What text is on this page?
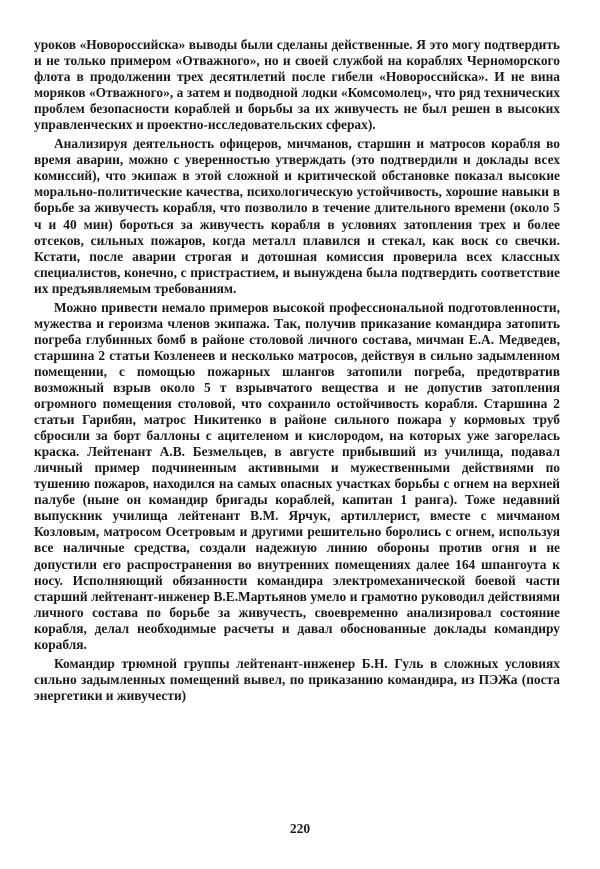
уроков «Новороссийска» выводы были сделаны действенные. Я это могу подтвердить и не только примером «Отважного», но и своей службой на кораблях Черноморского флота в продолжении трех десятилетий после гибели «Новороссийска». И не вина моряков «Отважного», а затем и подводной лодки «Комсомолец», что ряд технических проблем безопасности кораблей и борьбы за их живучесть не был решен в высоких управленческих и проектно-исследовательских сферах).

Анализируя деятельность офицеров, мичманов, старшин и матросов корабля во время аварии, можно с уверенностью утверждать (это подтвердили и доклады всех комиссий), что экипаж в этой сложной и критической обстановке показал высокие морально-политические качества, психологическую устойчивость, хорошие навыки в борьбе за живучесть корабля, что позволило в течение длительного времени (около 5 ч и 40 мин) бороться за живучесть корабля в условиях затопления трех и более отсеков, сильных пожаров, когда металл плавился и стекал, как воск со свечки. Кстати, после аварии строгая и дотошная комиссия проверила всех классных специалистов, конечно, с пристрастием, и вынуждена была подтвердить соответствие их предъявляемым требованиям.

Можно привести немало примеров высокой профессиональной подготовленности, мужества и героизма членов экипажа. Так, получив приказание командира затопить погреба глубинных бомб в районе столовой личного состава, мичман Е.А. Медведев, старшина 2 статьи Козленеев и несколько матросов, действуя в сильно задымленном помещении, с помощью пожарных шлангов затопили погреба, предотвратив возможный взрыв около 5 т взрывчатого вещества и не допустив затопления огромного помещения столовой, что сохранило остойчивость корабля. Старшина 2 статьи Гарибян, матрос Никитенко в районе сильного пожара у кормовых труб сбросили за борт баллоны с ацителеном и кислородом, на которых уже загорелась краска. Лейтенант А.В. Безмельцев, в августе прибывший из училища, подавал личный пример подчиненным активными и мужественными действиями по тушению пожаров, находился на самых опасных участках борьбы с огнем на верхней палубе (ныне он командир бригады кораблей, капитан 1 ранга). Тоже недавний выпускник училища лейтенант В.М. Ярчук, артиллерист, вместе с мичманом Козловым, матросом Осетровым и другими решительно боролись с огнем, используя все наличные средства, создали надежную линию обороны против огня и не допустили его распространения во внутренних помещениях далее 164 шпангоута к носу. Исполняющий обязанности командира электромеханической боевой части старший лейтенант-инженер В.Е.Мартьянов умело и грамотно руководил действиями личного состава по борьбе за живучесть, своевременно анализировал состояние корабля, делал необходимые расчеты и давал обоснованные доклады командиру корабля.

Командир трюмной группы лейтенант-инженер Б.Н. Гуль в сложных условиях сильно задымленных помещений вывел, по приказанию командира, из ПЭЖа (поста энергетики и живучести)

220
